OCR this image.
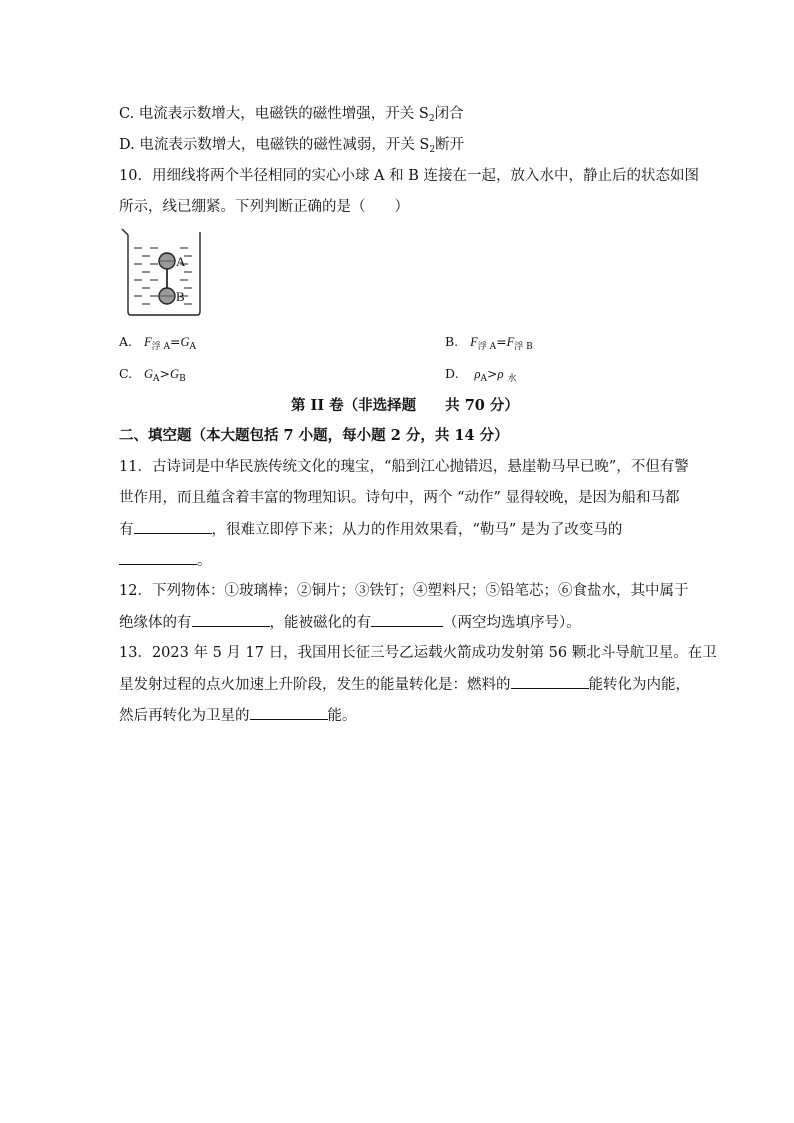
C. 电流表示数增大，电磁铁的磁性增强，开关 $S_2$闭合
D. 电流表示数增大，电磁铁的磁性减弱，开关 $S_2$断开
10．用细线将两个半径相同的实心小球 A 和 B 连接在一起，放入水中，静止后的状态如图
所示，线已绷紧。下列判断正确的是（　　）
A
B
A. $F_{浮 A}=G_A$	B. $F_{浮 A}=F_{浮 B}$
C. $G_A>G_B$	D. $\rho_A>\rho$ $_水$
第 II 卷（非选择题　　共 70 分）
二、填空题（本大题包括 7 小题，每小题 2 分，共 14 分）
11．古诗词是中华民族传统文化的瑰宝，“船到江心抛错迟，悬崖勒马早已晚”，不但有警
世作用，而且蕴含着丰富的物理知识。诗句中，两个 “动作” 显得较晚，是因为船和马都
有	，很难立即停下来；从力的作用效果看，“勒马” 是为了改变马的
。
12．下列物体：①玻璃棒；②铜片；③铁钉；④塑料尺；⑤铅笔芯；⑥食盐水，其中属于
绝缘体的有	，能被磁化的有	（两空均选填序号）。
13．2023 年 5 月 17 日，我国用长征三号乙运载火箭成功发射第 56 颗北斗导航卫星。在卫
星发射过程的点火加速上升阶段，发生的能量转化是：燃料的	能转化为内能，
然后再转化为卫星的	能。
